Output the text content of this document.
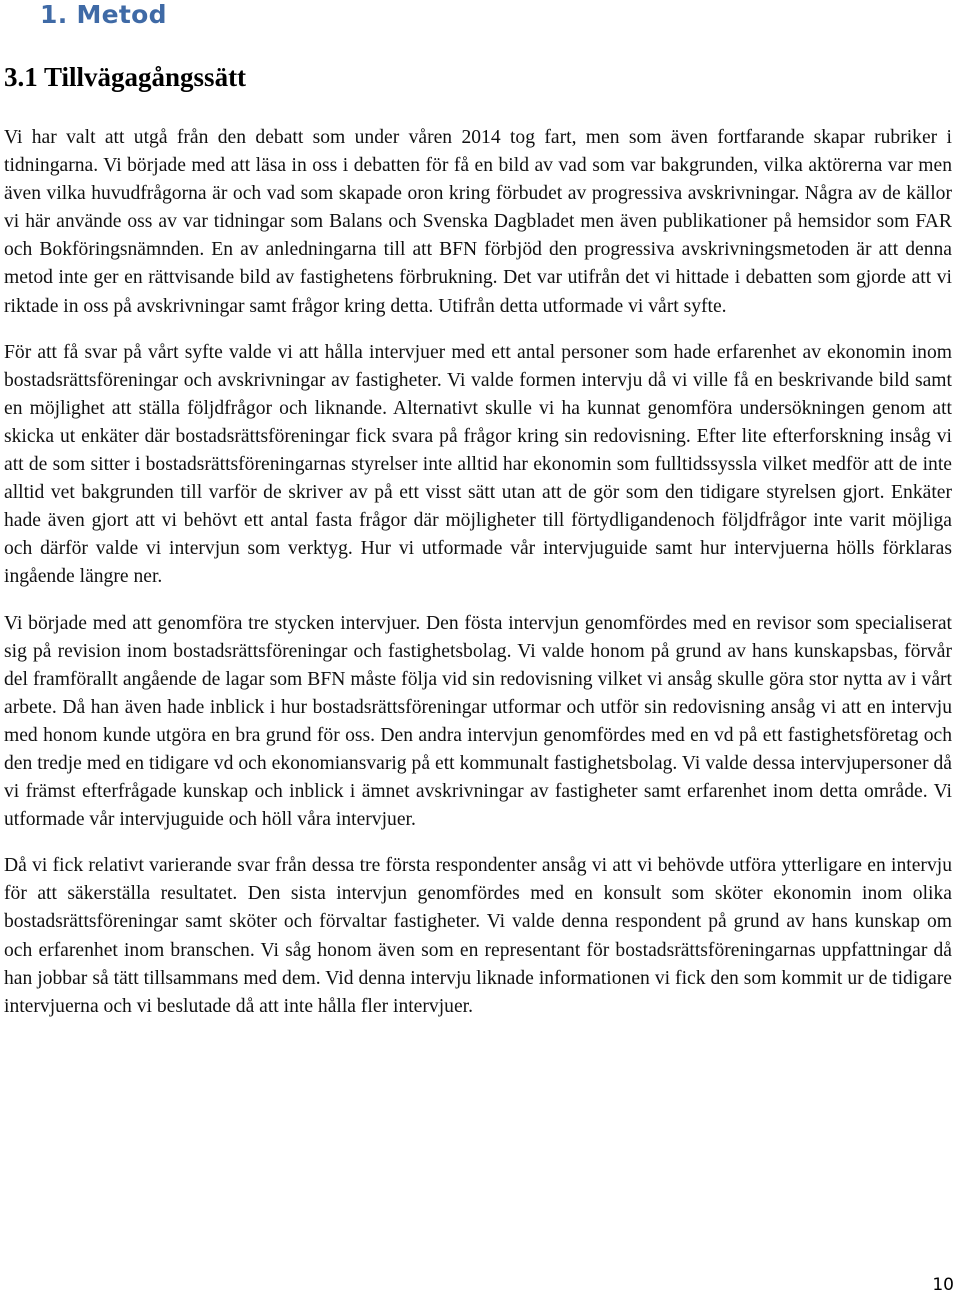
1. Metod
3.1 Tillvägagångssätt

Vi har valt att utgå från den debatt som under våren 2014 tog fart, men som även fortfarande skapar rubriker i tidningarna. Vi började med att läsa in oss i debatten för få en bild av vad som var bakgrunden, vilka aktörerna var men även vilka huvudfrågorna är och vad som skapade oron kring förbudet av progressiva avskrivningar. Några av de källor vi här använde oss av var tidningar som Balans och Svenska Dagbladet men även publikationer på hemsidor som FAR och Bokföringsnämnden. En av anledningarna till att BFN förbjöd den progressiva avskrivningsmetoden är att denna metod inte ger en rättvisande bild av fastighetens förbrukning. Det var utifrån det vi hittade i debatten som gjorde att vi riktade in oss på avskrivningar samt frågor kring detta. Utifrån detta utformade vi vårt syfte.

För att få svar på vårt syfte valde vi att hålla intervjuer med ett antal personer som hade erfarenhet av ekonomin inom bostadsrättsföreningar och avskrivningar av fastigheter. Vi valde formen intervju då vi ville få en beskrivande bild samt en möjlighet att ställa följdfrågor och liknande. Alternativt skulle vi ha kunnat genomföra undersökningen genom att skicka ut enkäter där bostadsrättsföreningar fick svara på frågor kring sin redovisning. Efter lite efterforskning insåg vi att de som sitter i bostadsrättsföreningarnas styrelser inte alltid har ekonomin som fulltidssyssla vilket medför att de inte alltid vet bakgrunden till varför de skriver av på ett visst sätt utan att de gör som den tidigare styrelsen gjort. Enkäter hade även gjort att vi behövt ett antal fasta frågor där möjligheter till förtydligandenoch följdfrågor inte varit möjliga och därför valde vi intervjun som verktyg. Hur vi utformade vår intervjuguide samt hur intervjuerna hölls förklaras ingående längre ner.

Vi började med att genomföra tre stycken intervjuer. Den fösta intervjun genomfördes med en revisor som specialiserat sig på revision inom bostadsrättsföreningar och fastighetsbolag. Vi valde honom på grund av hans kunskapsbas, förvår del framförallt angående de lagar som BFN måste följa vid sin redovisning vilket vi ansåg skulle göra stor nytta av i vårt arbete. Då han även hade inblick i hur bostadsrättsföreningar utformar och utför sin redovisning ansåg vi att en intervju med honom kunde utgöra en bra grund för oss. Den andra intervjun genomfördes med en vd på ett fastighetsföretag och den tredje med en tidigare vd och ekonomiansvarig på ett kommunalt fastighetsbolag. Vi valde dessa intervjupersoner då vi främst efterfrågade kunskap och inblick i ämnet avskrivningar av fastigheter samt erfarenhet inom detta område. Vi utformade vår intervjuguide och höll våra intervjuer.

Då vi fick relativt varierande svar från dessa tre första respondenter ansåg vi att vi behövde utföra ytterligare en intervju för att säkerställa resultatet. Den sista intervjun genomfördes med en konsult som sköter ekonomin inom olika bostadsrättsföreningar samt sköter och förvaltar fastigheter. Vi valde denna respondent på grund av hans kunskap om och erfarenhet inom branschen. Vi såg honom även som en representant för bostadsrättsföreningarnas uppfattningar då han jobbar så tätt tillsammans med dem. Vid denna intervju liknade informationen vi fick den som kommit ur de tidigare intervjuerna och vi beslutade då att inte hålla fler intervjuer.

10
